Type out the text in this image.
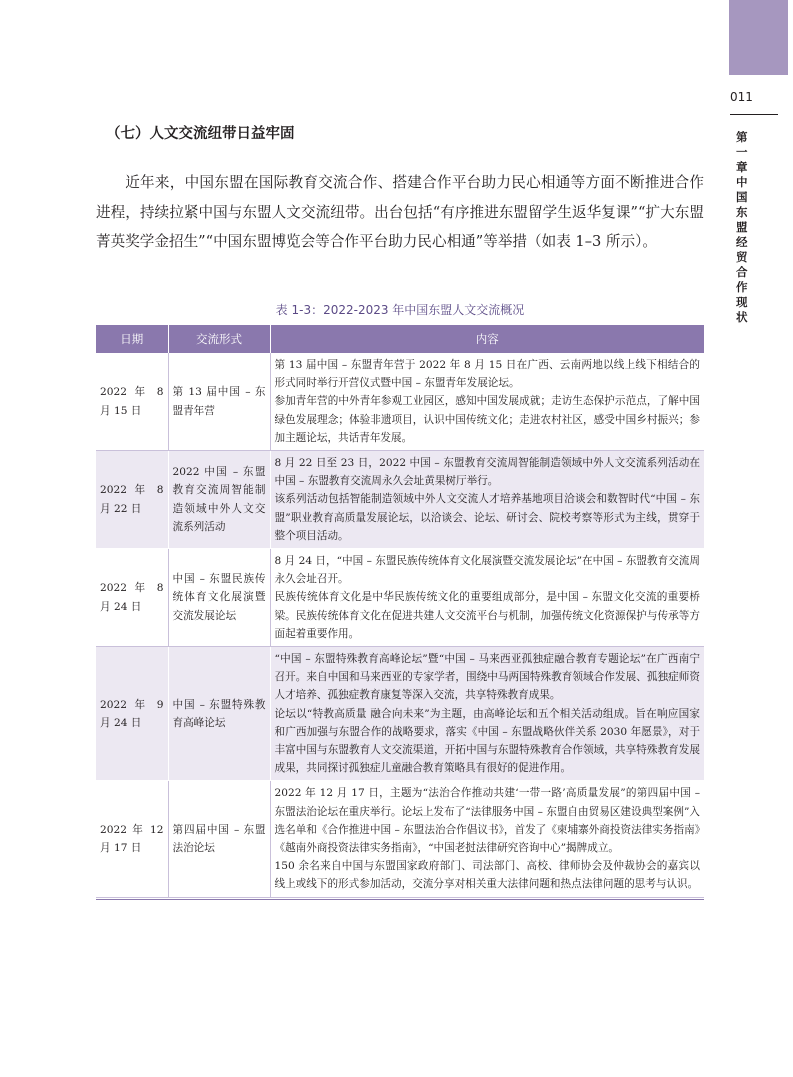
011
第一章 中国东盟经贸合作现状
（七）人文交流纽带日益牢固
近年来，中国东盟在国际教育交流合作、搭建合作平台助力民心相通等方面不断推进合作进程，持续拉紧中国与东盟人文交流纽带。出台包括“有序推进东盟留学生返华复课”“扩大东盟菁英奖学金招生”“中国东盟博览会等合作平台助力民心相通”等举措（如表 1–3 所示）。
表 1-3：2022-2023 年中国东盟人文交流概况
日期	交流形式	内容
2022 年 8 月 15 日	第 13 届中国 – 东盟青年营	第 13 届中国 – 东盟青年营于 2022 年 8 月 15 日在广西、云南两地以线上线下相结合的形式同时举行开营仪式暨中国 – 东盟青年发展论坛。
参加青年营的中外青年参观工业园区，感知中国发展成就；走访生态保护示范点，了解中国绿色发展理念；体验非遗项目，认识中国传统文化；走进农村社区，感受中国乡村振兴；参加主题论坛，共话青年发展。

2022 年 8 月 22 日	2022 中国 – 东盟教育交流周智能制造领域中外人文交流系列活动	8 月 22 日至 23 日，2022 中国 – 东盟教育交流周智能制造领域中外人文交流系列活动在中国 – 东盟教育交流周永久会址黄果树厅举行。
该系列活动包括智能制造领域中外人文交流人才培养基地项目洽谈会和数智时代“中国 – 东盟”职业教育高质量发展论坛，以洽谈会、论坛、研讨会、院校考察等形式为主线，贯穿于整个项目活动。

2022 年 8 月 24 日	中国 – 东盟民族传统体育文化展演暨交流发展论坛	8 月 24 日，“中国 – 东盟民族传统体育文化展演暨交流发展论坛”在中国 – 东盟教育交流周永久会址召开。
民族传统体育文化是中华民族传统文化的重要组成部分，是中国 – 东盟文化交流的重要桥梁。民族传统体育文化在促进共建人文交流平台与机制，加强传统文化资源保护与传承等方面起着重要作用。

2022 年 9 月 24 日	中国 – 东盟特殊教育高峰论坛	“中国 – 东盟特殊教育高峰论坛”暨“中国 – 马来西亚孤独症融合教育专题论坛”在广西南宁召开。来自中国和马来西亚的专家学者，围绕中马两国特殊教育领域合作发展、孤独症师资人才培养、孤独症教育康复等深入交流，共享特殊教育成果。
论坛以“特教高质量 融合向未来”为主题，由高峰论坛和五个相关活动组成。旨在响应国家和广西加强与东盟合作的战略要求，落实《中国 – 东盟战略伙伴关系 2030 年愿景》，对于丰富中国与东盟教育人文交流渠道，开拓中国与东盟特殊教育合作领域，共享特殊教育发展成果，共同探讨孤独症儿童融合教育策略具有很好的促进作用。

2022 年 12 月 17 日	第四届中国 – 东盟法治论坛	2022 年 12 月 17 日，主题为“法治合作推动共建‘一带一路’高质量发展”的第四届中国 – 东盟法治论坛在重庆举行。论坛上发布了“法律服务中国 – 东盟自由贸易区建设典型案例”入选名单和《合作推进中国 – 东盟法治合作倡议书》，首发了《柬埔寨外商投资法律实务指南》《越南外商投资法律实务指南》，“中国老挝法律研究咨询中心”揭牌成立。
150 余名来自中国与东盟国家政府部门、司法部门、高校、律师协会及仲裁协会的嘉宾以线上或线下的形式参加活动，交流分享对相关重大法律问题和热点法律问题的思考与认识。
